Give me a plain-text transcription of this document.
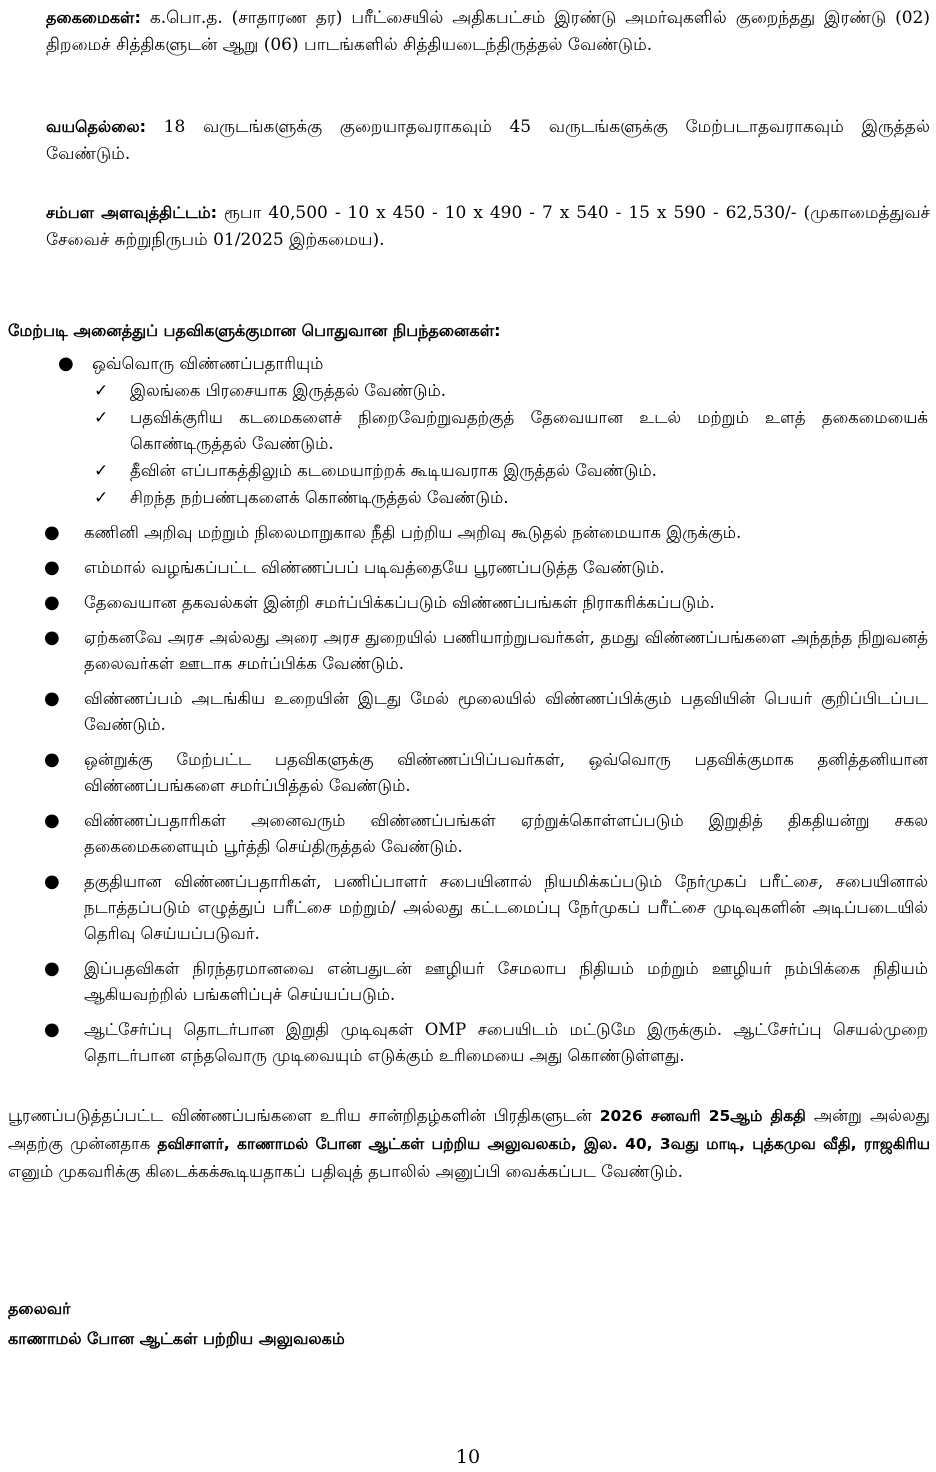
தகைமைகள்: க.பொ.த. (சாதாரண தர) பரீட்சையில் அதிகபட்சம் இரண்டு அமர்வுகளில் குறைந்தது இரண்டு (02) திறமைச் சித்திகளுடன் ஆறு (06) பாடங்களில் சித்தியடைந்திருத்தல் வேண்டும்.
வயதெல்லை: 18 வருடங்களுக்கு குறையாதவராகவும் 45 வருடங்களுக்கு மேற்படாதவராகவும் இருத்தல் வேண்டும்.
சம்பள அளவுத்திட்டம்: ரூபா 40,500 - 10 x 450 - 10 x 490 - 7 x 540 - 15 x 590 - 62,530/- (முகாமைத்துவச் சேவைச் சுற்றுநிருபம் 01/2025 இற்கமைய).
மேற்படி அனைத்துப் பதவிகளுக்குமான பொதுவான நிபந்தனைகள்:
● ஒவ்வொரு விண்ணப்பதாரியும்
✓ இலங்கை பிரசையாக இருத்தல் வேண்டும்.
✓ பதவிக்குரிய கடமைகளைச் நிறைவேற்றுவதற்குத் தேவையான உடல் மற்றும் உளத் தகைமையைக் கொண்டிருத்தல் வேண்டும்.
✓ தீவின் எப்பாகத்திலும் கடமையாற்றக் கூடியவராக இருத்தல் வேண்டும்.
✓ சிறந்த நற்பண்புகளைக் கொண்டிருத்தல் வேண்டும்.
● கணினி அறிவு மற்றும் நிலைமாறுகால நீதி பற்றிய அறிவு கூடுதல் நன்மையாக இருக்கும்.
● எம்மால் வழங்கப்பட்ட விண்ணப்பப் படிவத்தையே பூரணப்படுத்த வேண்டும்.
● தேவையான தகவல்கள் இன்றி சமர்ப்பிக்கப்படும் விண்ணப்பங்கள் நிராகரிக்கப்படும்.
● ஏற்கனவே அரச அல்லது அரை அரச துறையில் பணியாற்றுபவர்கள், தமது விண்ணப்பங்களை அந்தந்த நிறுவனத் தலைவர்கள் ஊடாக சமர்ப்பிக்க வேண்டும்.
● விண்ணப்பம் அடங்கிய உறையின் இடது மேல் மூலையில் விண்ணப்பிக்கும் பதவியின் பெயர் குறிப்பிடப்பட வேண்டும்.
● ஒன்றுக்கு மேற்பட்ட பதவிகளுக்கு விண்ணப்பிப்பவர்கள், ஒவ்வொரு பதவிக்குமாக தனித்தனியான விண்ணப்பங்களை சமர்ப்பித்தல் வேண்டும்.
● விண்ணப்பதாரிகள் அனைவரும் விண்ணப்பங்கள் ஏற்றுக்கொள்ளப்படும் இறுதித் திகதியன்று சகல தகைமைகளையும் பூர்த்தி செய்திருத்தல் வேண்டும்.
● தகுதியான விண்ணப்பதாரிகள், பணிப்பாளர் சபையினால் நியமிக்கப்படும் நேர்முகப் பரீட்சை, சபையினால் நடாத்தப்படும் எழுத்துப் பரீட்சை மற்றும்/ அல்லது கட்டமைப்பு நேர்முகப் பரீட்சை முடிவுகளின் அடிப்படையில் தெரிவு செய்யப்படுவர்.
● இப்பதவிகள் நிரந்தரமானவை என்பதுடன் ஊழியர் சேமலாப நிதியம் மற்றும் ஊழியர் நம்பிக்கை நிதியம் ஆகியவற்றில் பங்களிப்புச் செய்யப்படும்.
● ஆட்சேர்ப்பு தொடர்பான இறுதி முடிவுகள் OMP சபையிடம் மட்டுமே இருக்கும். ஆட்சேர்ப்பு செயல்முறை தொடர்பான எந்தவொரு முடிவையும் எடுக்கும் உரிமையை அது கொண்டுள்ளது.
பூரணப்படுத்தப்பட்ட விண்ணப்பங்களை உரிய சான்றிதழ்களின் பிரதிகளுடன் 2026 சனவரி 25ஆம் திகதி அன்று அல்லது அதற்கு முன்னதாக தவிசாளர், காணாமல் போன ஆட்கள் பற்றிய அலுவலகம், இல. 40, 3வது மாடி, புத்கமுவ வீதி, ராஜகிரிய எனும் முகவரிக்கு கிடைக்கக்கூடியதாகப் பதிவுத் தபாலில் அனுப்பி வைக்கப்பட வேண்டும்.
தலைவர்
காணாமல் போன ஆட்கள் பற்றிய அலுவலகம்
10
